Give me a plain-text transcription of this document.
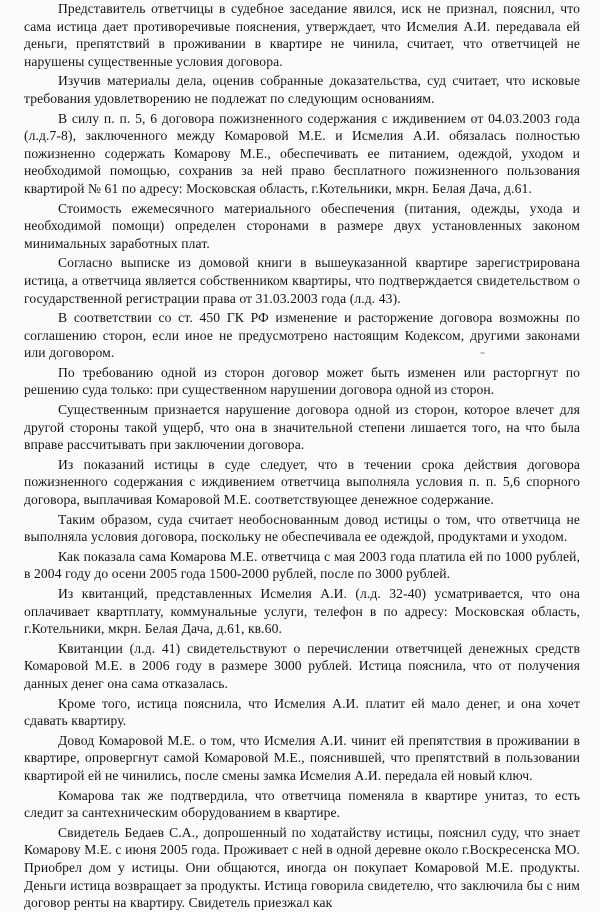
Представитель ответчицы в судебное заседание явился, иск не признал, пояснил, что сама истица дает противоречивые пояснения, утверждает, что Исмелия А.И. передавала ей деньги, препятствий в проживании в квартире не чинила, считает, что ответчицей не нарушены существенные условия договора.

Изучив материалы дела, оценив собранные доказательства, суд считает, что исковые требования удовлетворению не подлежат по следующим основаниям.

В силу п. п. 5, 6 договора пожизненного содержания с иждивением от 04.03.2003 года (л.д.7-8), заключенного между Комаровой М.Е. и Исмелия А.И. обязалась полностью пожизненно содержать Комарову М.Е., обеспечивать ее питанием, одеждой, уходом и необходимой помощью, сохранив за ней право бесплатного пожизненного пользования квартирой № 61 по адресу: Московская область, г.Котельники, мкрн. Белая Дача, д.61.

Стоимость ежемесячного материального обеспечения (питания, одежды, ухода и необходимой помощи) определен сторонами в размере двух установленных законом минимальных заработных плат.

Согласно выписке из домовой книги в вышеуказанной квартире зарегистрирована истица, а ответчица является собственником квартиры, что подтверждается свидетельством о государственной регистрации права от 31.03.2003 года (л.д. 43).

В соответствии со ст. 450 ГК РФ изменение и расторжение договора возможны по соглашению сторон, если иное не предусмотрено настоящим Кодексом, другими законами или договором.

По требованию одной из сторон договор может быть изменен или расторгнут по решению суда только: при существенном нарушении договора одной из сторон.

Существенным признается нарушение договора одной из сторон, которое влечет для другой стороны такой ущерб, что она в значительной степени лишается того, на что была вправе рассчитывать при заключении договора.

Из показаний истицы в суде следует, что в течении срока действия договора пожизненного содержания с иждивением ответчица выполняла условия п. п. 5,6 спорного договора, выплачивая Комаровой М.Е. соответствующее денежное содержание.

Таким образом, суда считает необоснованным довод истицы о том, что ответчица не выполняла условия договора, поскольку не обеспечивала ее одеждой, продуктами и уходом.

Как показала сама Комарова М.Е. ответчица с мая 2003 года платила ей по 1000 рублей, в 2004 году до осени 2005 года 1500-2000 рублей, после по 3000 рублей.

Из квитанций, представленных Исмелия А.И. (л.д. 32-40) усматривается, что она оплачивает квартплату, коммунальные услуги, телефон в по адресу: Московская область, г.Котельники, мкрн. Белая Дача, д.61, кв.60.

Квитанции (л.д. 41) свидетельствуют о перечислении ответчицей денежных средств Комаровой М.Е. в 2006 году в размере 3000 рублей. Истица пояснила, что от получения данных денег она сама отказалась.

Кроме того, истица пояснила, что Исмелия А.И. платит ей мало денег, и она хочет сдавать квартиру.

Довод Комаровой М.Е. о том, что Исмелия А.И. чинит ей препятствия в проживании в квартире, опровергнут самой Комаровой М.Е., пояснившей, что препятствий в пользовании квартирой ей не чинились, после смены замка Исмелия А.И. передала ей новый ключ.

Комарова так же подтвердила, что ответчица поменяла в квартире унитаз, то есть следит за сантехническим оборудованием в квартире.

Свидетель Бедаев С.А., допрошенный по ходатайству истицы, пояснил суду, что знает Комарову М.Е. с июня 2005 года. Проживает с ней в одной деревне около г.Воскресенска МО. Приобрел дом у истицы. Они общаются, иногда он покупает Комаровой М.Е. продукты. Деньги истица возвращает за продукты. Истица говорила свидетелю, что заключила бы с ним договор ренты на квартиру. Свидетель приезжал как
